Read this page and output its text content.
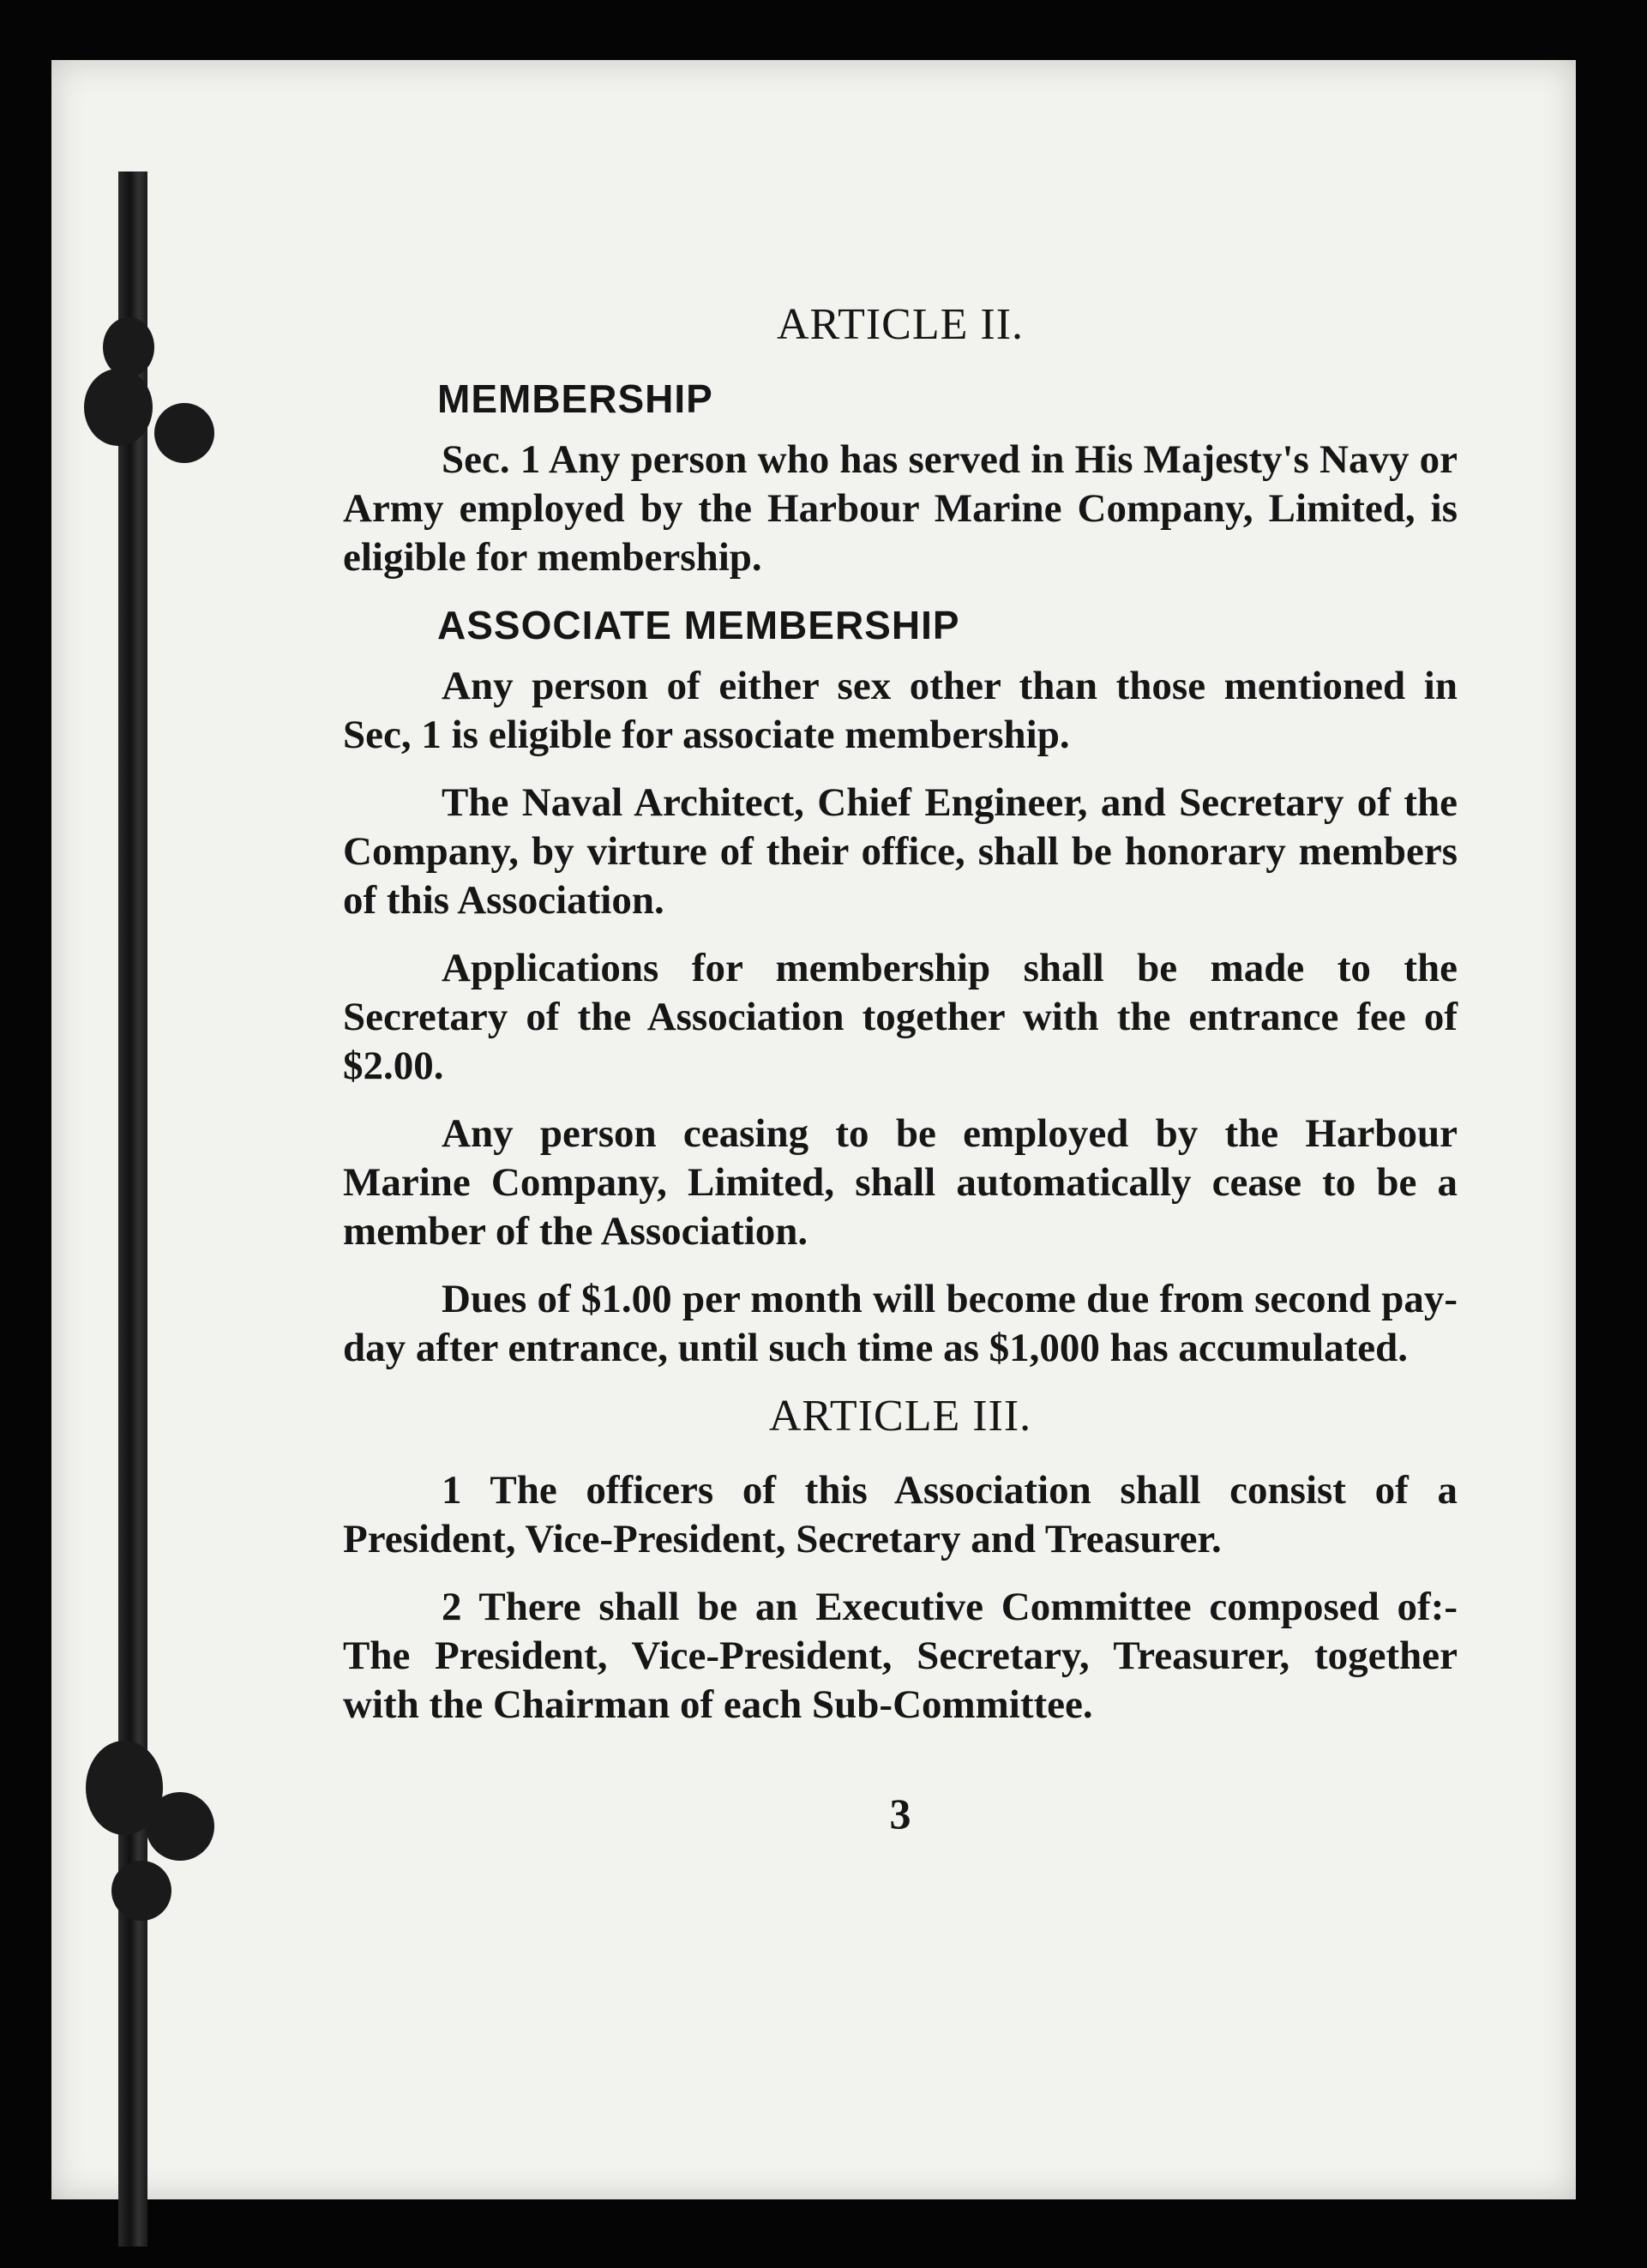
ARTICLE II.
MEMBERSHIP

Sec. 1 Any person who has served in His Majesty's Navy or Army employed by the Harbour Marine Company, Limited, is eligible for membership.

ASSOCIATE MEMBERSHIP

Any person of either sex other than those mentioned in Sec, 1 is eligible for associate membership.

The Naval Architect, Chief Engineer, and Secretary of the Company, by virture of their office, shall be honorary members of this Association.

Applications for membership shall be made to the Secretary of the Association together with the entrance fee of $2.00.

Any person ceasing to be employed by the Harbour Marine Company, Limited, shall automatically cease to be a member of the Association.

Dues of $1.00 per month will become due from second pay-day after entrance, until such time as $1,000 has accumulated.

ARTICLE III.

1 The officers of this Association shall consist of a President, Vice-President, Secretary and Treasurer.

2 There shall be an Executive Committee composed of:- The President, Vice-President, Secretary, Treasurer, together with the Chairman of each Sub-Committee.

3
